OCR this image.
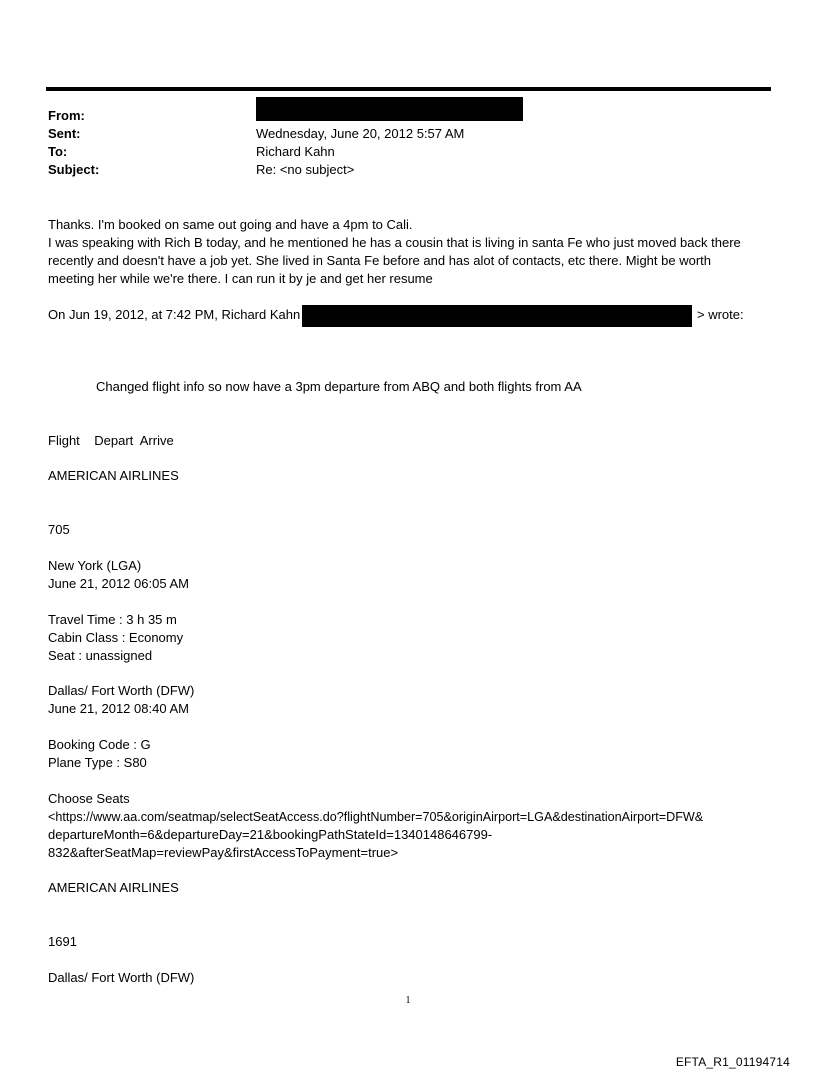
From:
Sent:	Wednesday, June 20, 2012 5:57 AM
To:	Richard Kahn
Subject:	Re: <no subject>
Thanks. I'm booked on same out going and have a 4pm to Cali.
I was speaking with Rich B today, and he mentioned he has a cousin that is living in santa Fe who just moved back there
recently and doesn't have a job yet. She lived in Santa Fe before and has alot of contacts, etc there. Might be worth
meeting her while we're there. I can run it by je and get her resume
On Jun 19, 2012, at 7:42 PM, Richard Kahn	> wrote:
Changed flight info so now have a 3pm departure from ABQ and both flights from AA
Flight    Depart  Arrive
AMERICAN AIRLINES
705
New York (LGA)
June 21, 2012 06:05 AM
Travel Time : 3 h 35 m
Cabin Class : Economy
Seat : unassigned
Dallas/ Fort Worth (DFW)
June 21, 2012 08:40 AM
Booking Code : G
Plane Type : S80
Choose Seats
<https://www.aa.com/seatmap/selectSeatAccess.do?flightNumber=705&originAirport=LGA&destinationAirport=DFW&
departureMonth=6&departureDay=21&bookingPathStateId=1340148646799-
832&afterSeatMap=reviewPay&firstAccessToPayment=true>
AMERICAN AIRLINES
1691
Dallas/ Fort Worth (DFW)
1
EFTA_R1_01194714
